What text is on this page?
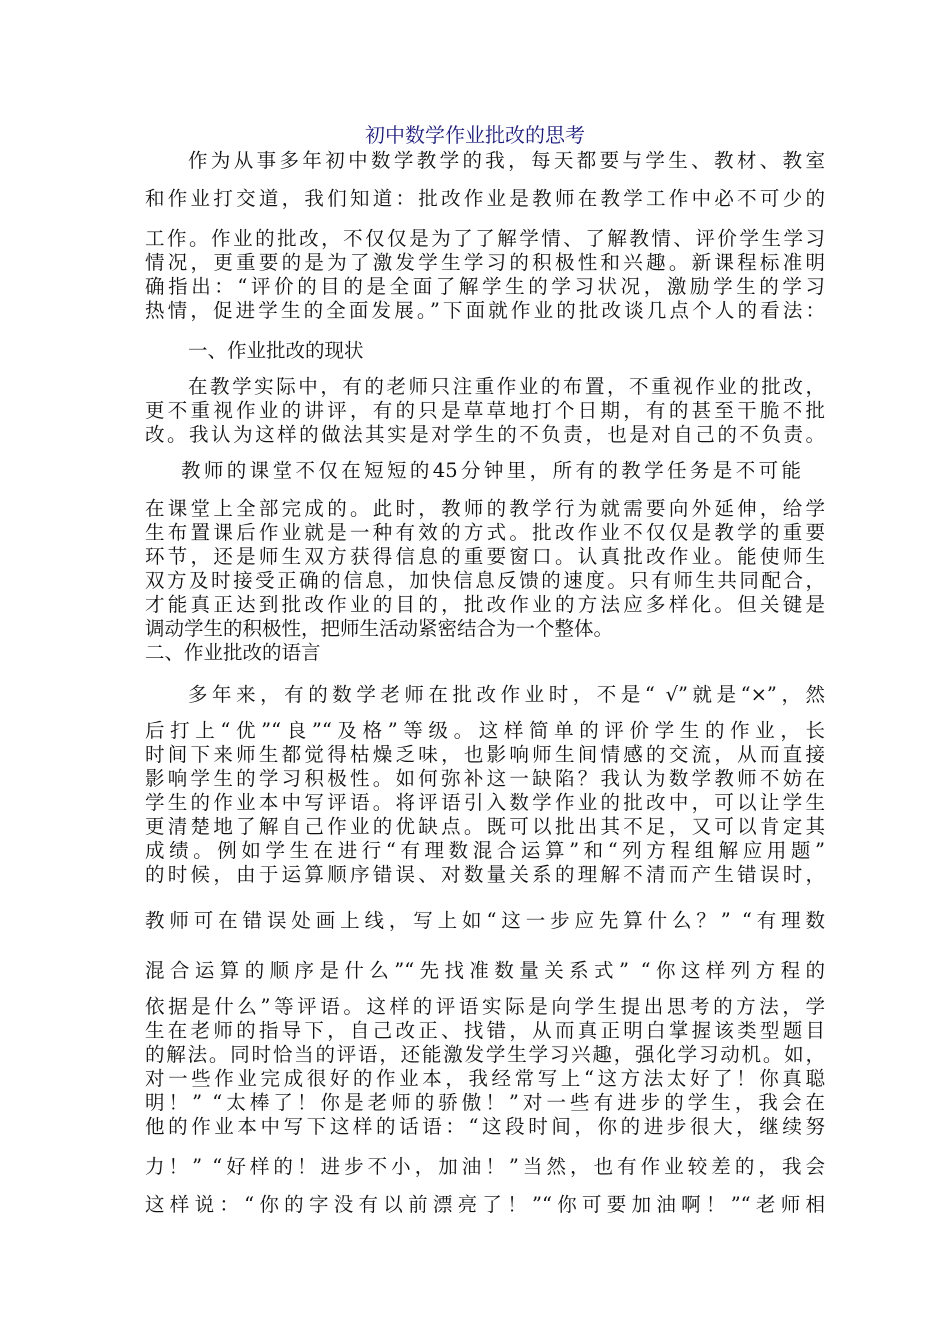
初中数学作业批改的思考
作为从事多年初中数学教学的我，每天都要与学生、教材、教室
和作业打交道，我们知道：批改作业是教师在教学工作中必不可少的
工作。作业的批改，不仅仅是为了了解学情、了解教情、评价学生学习
情况，更重要的是为了激发学生学习的积极性和兴趣。新课程标准明
确指出：“评价的目的是全面了解学生的学习状况，激励学生的学习
热情，促进学生的全面发展。”下面就作业的批改谈几点个人的看法：
一、作业批改的现状
在教学实际中，有的老师只注重作业的布置，不重视作业的批改，
更不重视作业的讲评，有的只是草草地打个日期，有的甚至干脆不批
改。我认为这样的做法其实是对学生的不负责，也是对自己的不负责。
教师的课堂不仅在短短的45分钟里，所有的教学任务是不可能
在课堂上全部完成的。此时，教师的教学行为就需要向外延伸，给学
生布置课后作业就是一种有效的方式。批改作业不仅仅是教学的重要
环节，还是师生双方获得信息的重要窗口。认真批改作业。能使师生
双方及时接受正确的信息，加快信息反馈的速度。只有师生共同配合，
才能真正达到批改作业的目的，批改作业的方法应多样化。但关键是
调动学生的积极性，把师生活动紧密结合为一个整体。
二、作业批改的语言
多年来，有的数学老师在批改作业时，不是“ √”就是“×”，然
后打上“优”“良”“及格”等级。这样简单的评价学生的作业，长
时间下来师生都觉得枯燥乏味，也影响师生间情感的交流，从而直接
影响学生的学习积极性。如何弥补这一缺陷？我认为数学教师不妨在
学生的作业本中写评语。将评语引入数学作业的批改中，可以让学生
更清楚地了解自己作业的优缺点。既可以批出其不足，又可以肯定其
成绩。例如学生在进行“有理数混合运算”和“列方程组解应用题”
的时候，由于运算顺序错误、对数量关系的理解不清而产生错误时，
教师可在错误处画上线，写上如“这一步应先算什么？” “有理数
混合运算的顺序是什么”“先找准数量关系式” “你这样列方程的
依据是什么”等评语。这样的评语实际是向学生提出思考的方法，学
生在老师的指导下，自己改正、找错，从而真正明白掌握该类型题目
的解法。同时恰当的评语，还能激发学生学习兴趣，强化学习动机。如，
对一些作业完成很好的作业本，我经常写上“这方法太好了！你真聪
明！” “太棒了！你是老师的骄傲！”对一些有进步的学生，我会在
他的作业本中写下这样的话语：“这段时间，你的进步很大，继续努
力！” “好样的！进步不小，加油！”当然，也有作业较差的，我会
这样说：“你的字没有以前漂亮了！”“你可要加油啊！”“老师相
